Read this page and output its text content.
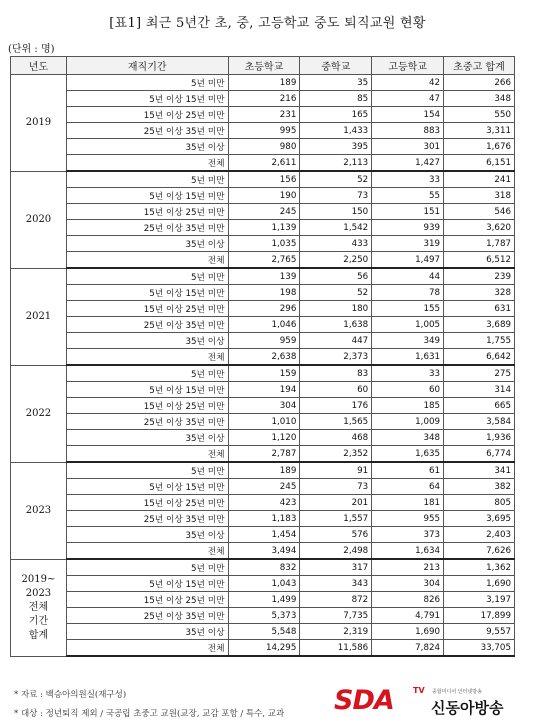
[표1] 최근 5년간 초, 중, 고등학교 중도 퇴직교원 현황
(단위 : 명)
년도	재직기간	초등학교	중학교	고등학교	초중고 합계
2019	5년 미만	189	35	42	266
	5년 이상 15년 미만	216	85	47	348
	15년 이상 25년 미만	231	165	154	550
	25년 이상 35년 미만	995	1,433	883	3,311
	35년 이상	980	395	301	1,676
	전체	2,611	2,113	1,427	6,151
2020	5년 미만	156	52	33	241
	5년 이상 15년 미만	190	73	55	318
	15년 이상 25년 미만	245	150	151	546
	25년 이상 35년 미만	1,139	1,542	939	3,620
	35년 이상	1,035	433	319	1,787
	전체	2,765	2,250	1,497	6,512
2021	5년 미만	139	56	44	239
	5년 이상 15년 미만	198	52	78	328
	15년 이상 25년 미만	296	180	155	631
	25년 이상 35년 미만	1,046	1,638	1,005	3,689
	35년 이상	959	447	349	1,755
	전체	2,638	2,373	1,631	6,642
2022	5년 미만	159	83	33	275
	5년 이상 15년 미만	194	60	60	314
	15년 이상 25년 미만	304	176	185	665
	25년 이상 35년 미만	1,010	1,565	1,009	3,584
	35년 이상	1,120	468	348	1,936
	전체	2,787	2,352	1,635	6,774
2023	5년 미만	189	91	61	341
	5년 이상 15년 미만	245	73	64	382
	15년 이상 25년 미만	423	201	181	805
	25년 이상 35년 미만	1,183	1,557	955	3,695
	35년 이상	1,454	576	373	2,403
	전체	3,494	2,498	1,634	7,626
2019~
2023
전체
기간
합계	5년 미만	832	317	213	1,362
	5년 이상 15년 미만	1,043	343	304	1,690
	15년 이상 25년 미만	1,499	872	826	3,197
	25년 이상 35년 미만	5,373	7,735	4,791	17,899
	35년 이상	5,548	2,319	1,690	9,557
	전체	14,295	11,586	7,824	33,705
* 자료 : 백승아의원실(재구성)
* 대상 : 정년퇴직 제외 / 국공립 초중고 교원(교장, 교감 포함 / 특수, 교과 SDA TV 종합미디어 인터넷방송
신동아방송
